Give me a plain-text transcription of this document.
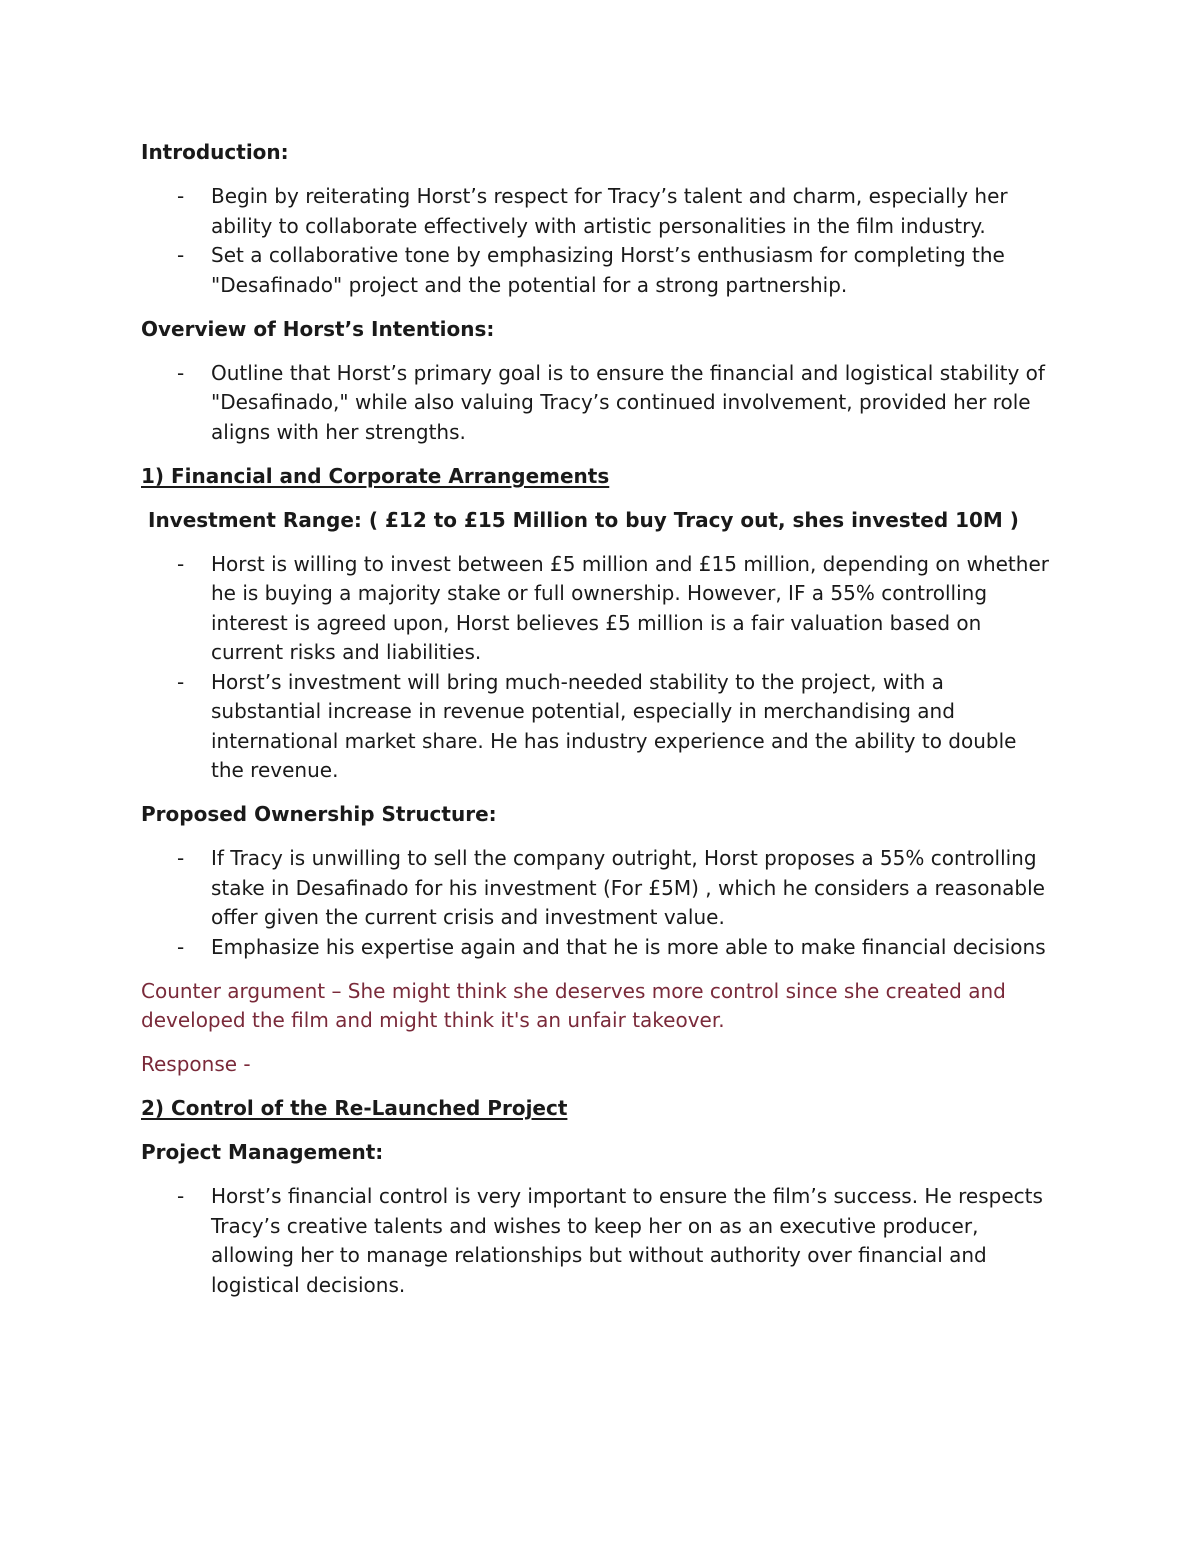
Introduction:
- Begin by reiterating Horst’s respect for Tracy’s talent and charm, especially her ability to collaborate effectively with artistic personalities in the film industry.
- Set a collaborative tone by emphasizing Horst’s enthusiasm for completing the "Desafinado" project and the potential for a strong partnership.
Overview of Horst’s Intentions:
- Outline that Horst’s primary goal is to ensure the financial and logistical stability of "Desafinado," while also valuing Tracy’s continued involvement, provided her role aligns with her strengths.
1) Financial and Corporate Arrangements
Investment Range: ( £12 to £15 Million to buy Tracy out, shes invested 10M )
- Horst is willing to invest between £5 million and £15 million, depending on whether he is buying a majority stake or full ownership. However, IF a 55% controlling interest is agreed upon, Horst believes £5 million is a fair valuation based on current risks and liabilities.
- Horst’s investment will bring much-needed stability to the project, with a substantial increase in revenue potential, especially in merchandising and international market share. He has industry experience and the ability to double the revenue.
Proposed Ownership Structure:
- If Tracy is unwilling to sell the company outright, Horst proposes a 55% controlling stake in Desafinado for his investment (For £5M) , which he considers a reasonable offer given the current crisis and investment value.
- Emphasize his expertise again and that he is more able to make financial decisions
Counter argument – She might think she deserves more control since she created and developed the film and might think it's an unfair takeover.
Response -
2) Control of the Re-Launched Project
Project Management:
- Horst’s financial control is very important to ensure the film’s success. He respects Tracy’s creative talents and wishes to keep her on as an executive producer, allowing her to manage relationships but without authority over financial and logistical decisions.
